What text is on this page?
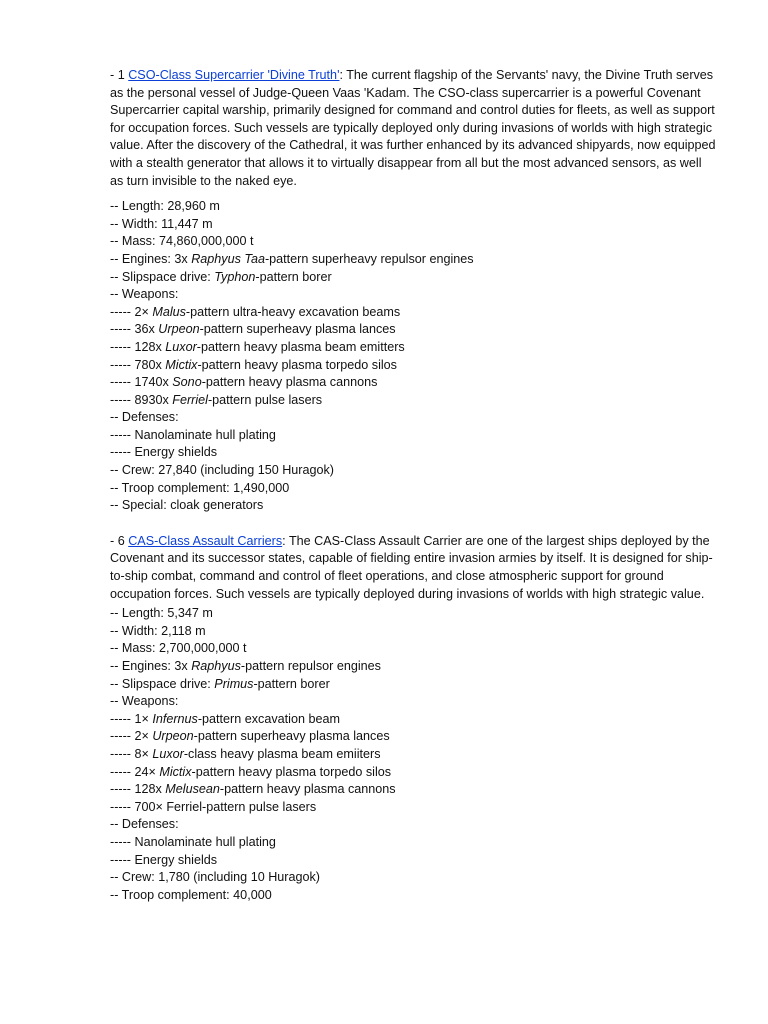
- 1 CSO-Class Supercarrier 'Divine Truth': The current flagship of the Servants' navy, the Divine Truth serves as the personal vessel of Judge-Queen Vaas 'Kadam. The CSO-class supercarrier is a powerful Covenant Supercarrier capital warship, primarily designed for command and control duties for fleets, as well as support for occupation forces. Such vessels are typically deployed only during invasions of worlds with high strategic value. After the discovery of the Cathedral, it was further enhanced by its advanced shipyards, now equipped with a stealth generator that allows it to virtually disappear from all but the most advanced sensors, as well as turn invisible to the naked eye.

-- Length: 28,960 m

-- Width: 11,447 m

-- Mass: 74,860,000,000 t

-- Engines: 3x Raphyus Taa-pattern superheavy repulsor engines

-- Slipspace drive: Typhon-pattern borer

-- Weapons:

----- 2× Malus-pattern ultra-heavy excavation beams

----- 36x Urpeon-pattern superheavy plasma lances

----- 128x Luxor-pattern heavy plasma beam emitters

----- 780x Mictix-pattern heavy plasma torpedo silos

----- 1740x Sono-pattern heavy plasma cannons

----- 8930x Ferriel-pattern pulse lasers

-- Defenses:

----- Nanolaminate hull plating

----- Energy shields

-- Crew: 27,840 (including 150 Huragok)

-- Troop complement: 1,490,000

-- Special: cloak generators

- 6 CAS-Class Assault Carriers: The CAS-Class Assault Carrier are one of the largest ships deployed by the Covenant and its successor states, capable of fielding entire invasion armies by itself. It is designed for ship-to-ship combat, command and control of fleet operations, and close atmospheric support for ground occupation forces. Such vessels are typically deployed during invasions of worlds with high strategic value.

-- Length: 5,347 m

-- Width: 2,118 m

-- Mass: 2,700,000,000 t

-- Engines: 3x Raphyus-pattern repulsor engines

-- Slipspace drive: Primus-pattern borer

-- Weapons:

----- 1× Infernus-pattern excavation beam

----- 2× Urpeon-pattern superheavy plasma lances

----- 8× Luxor-class heavy plasma beam emiiters

----- 24× Mictix-pattern heavy plasma torpedo silos

----- 128x Melusean-pattern heavy plasma cannons

----- 700× Ferriel-pattern pulse lasers

-- Defenses:

----- Nanolaminate hull plating

----- Energy shields

-- Crew: 1,780 (including 10 Huragok)

-- Troop complement: 40,000
